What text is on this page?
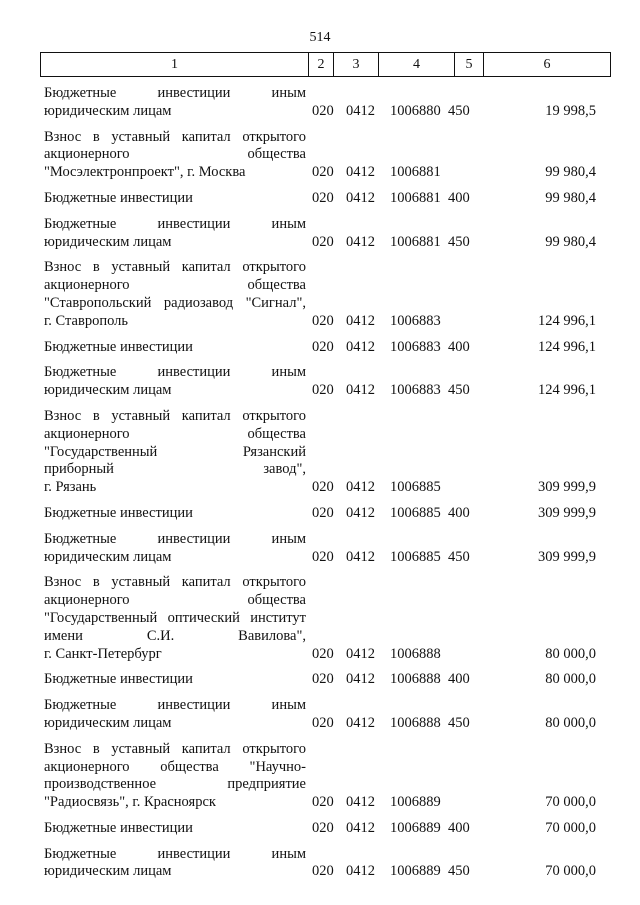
514
1	2	3	4	5	6
Бюджетные инвестиции иным
юридическим лицам	020 0412 1006880 450	19 998,5
Взнос в уставный капитал открытого
акционерного общества
"Мосэлектронпроект", г. Москва	020 0412 1006881	99 980,4
Бюджетные инвестиции	020 0412 1006881 400	99 980,4
Бюджетные инвестиции иным
юридическим лицам	020 0412 1006881 450	99 980,4
Взнос в уставный капитал открытого
акционерного общества
"Ставропольский радиозавод "Сигнал",
г. Ставрополь	020 0412 1006883	124 996,1
Бюджетные инвестиции	020 0412 1006883 400	124 996,1
Бюджетные инвестиции иным
юридическим лицам	020 0412 1006883 450	124 996,1
Взнос в уставный капитал открытого
акционерного общества
"Государственный Рязанский
приборный завод",
г. Рязань	020 0412 1006885	309 999,9
Бюджетные инвестиции	020 0412 1006885 400	309 999,9
Бюджетные инвестиции иным
юридическим лицам	020 0412 1006885 450	309 999,9
Взнос в уставный капитал открытого
акционерного общества
"Государственный оптический институт
имени С.И. Вавилова",
г. Санкт-Петербург	020 0412 1006888	80 000,0
Бюджетные инвестиции	020 0412 1006888 400	80 000,0
Бюджетные инвестиции иным
юридическим лицам	020 0412 1006888 450	80 000,0
Взнос в уставный капитал открытого
акционерного общества "Научно-
производственное предприятие
"Радиосвязь", г. Красноярск	020 0412 1006889	70 000,0
Бюджетные инвестиции	020 0412 1006889 400	70 000,0
Бюджетные инвестиции иным
юридическим лицам	020 0412 1006889 450	70 000,0
